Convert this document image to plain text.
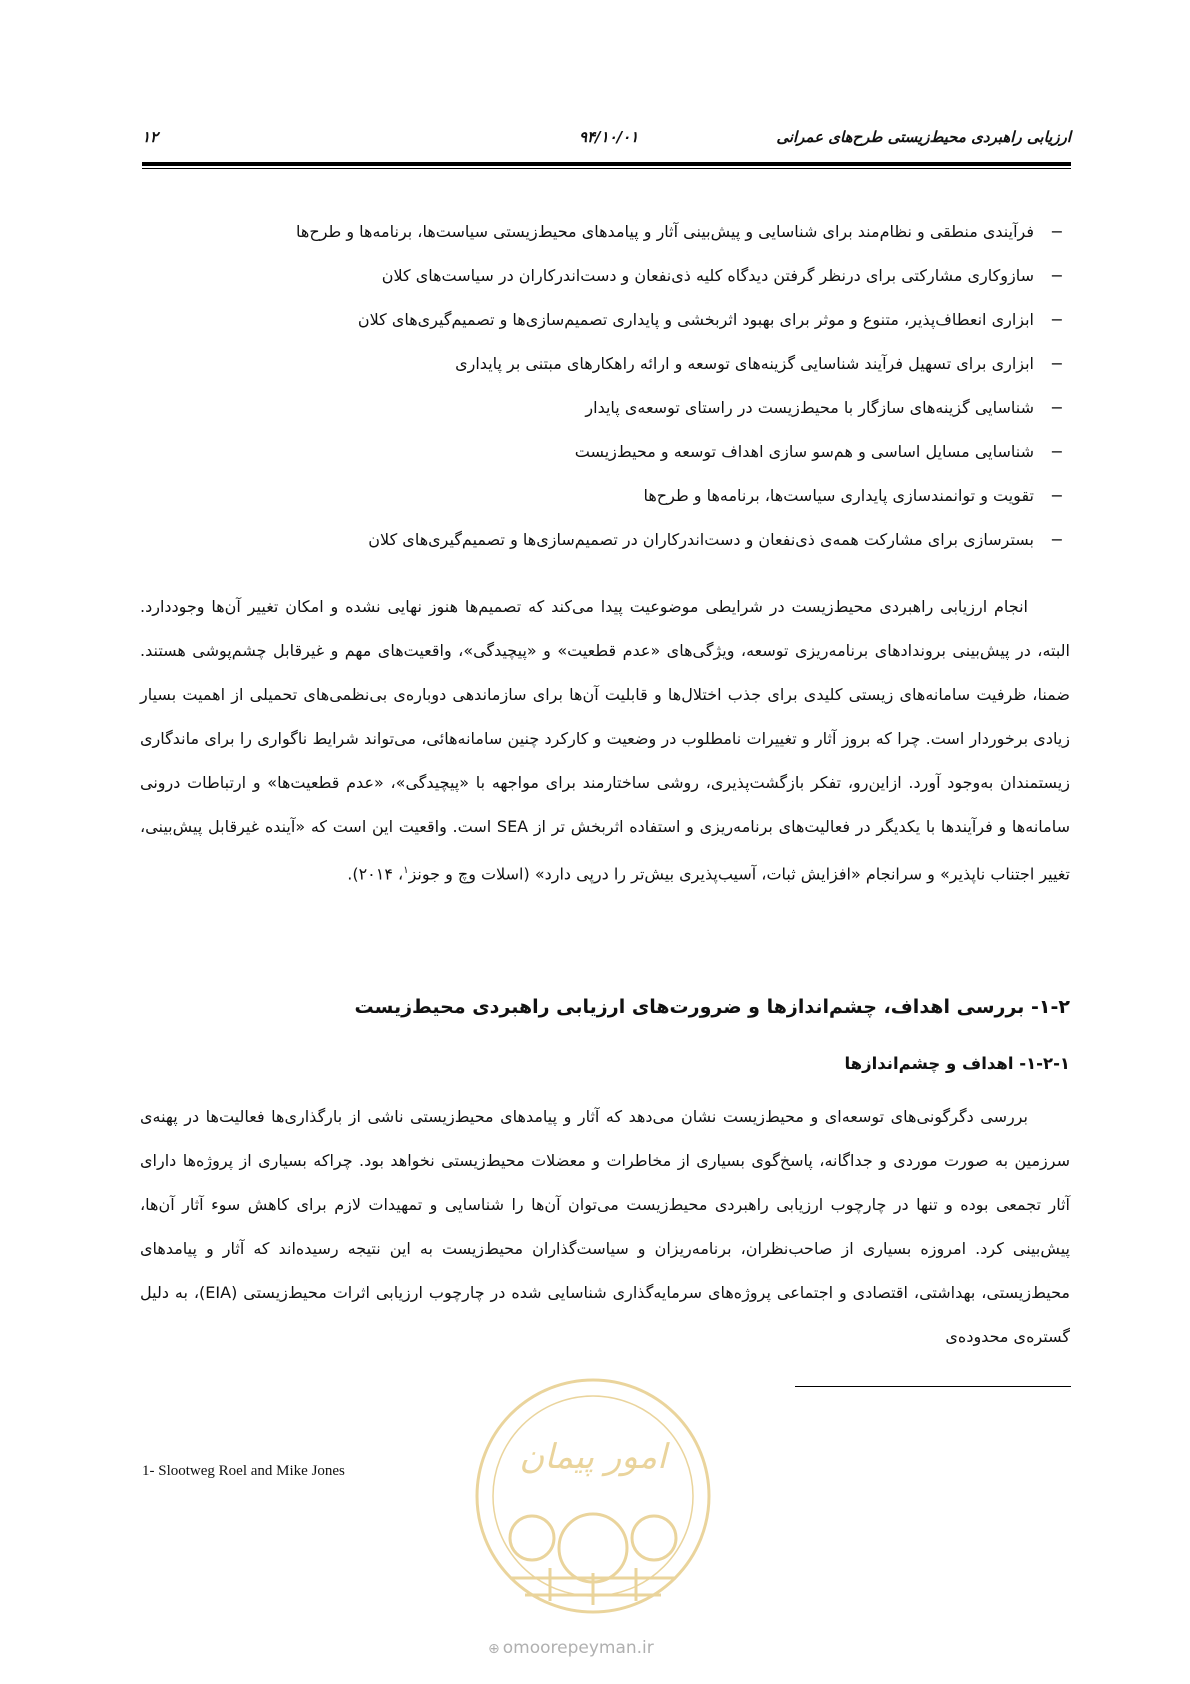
ارزیابی راهبردی محیط‌زیستی طرح‌های عمرانی
۹۴/۱۰/۰۱
۱۲
−فرآیندی منطقی و نظام‌مند برای شناسایی و پیش‌بینی آثار و پیامدهای محیط‌زیستی سیاست‌ها، برنامه‌ها و طرح‌ها
−سازوکاری مشارکتی برای درنظر گرفتن دیدگاه کلیه ذی‌نفعان و دست‌اندرکاران در سیاست‌های کلان
−ابزاری انعطاف‌پذیر، متنوع و موثر برای بهبود اثربخشی و پایداری تصمیم‌سازی‌ها و تصمیم‌گیری‌های کلان
−ابزاری برای تسهیل فرآیند شناسایی گزینه‌های توسعه و ارائه راهکارهای مبتنی بر پایداری
−شناسایی گزینه‌های سازگار با محیط‌زیست در راستای توسعه‌ی پایدار
−شناسایی مسایل اساسی و هم‌سو سازی اهداف توسعه و محیط‌زیست
−تقویت و توانمندسازی پایداری سیاست‌ها، برنامه‌ها و طرح‌ها
−بسترسازی برای مشارکت همه‌ی ذی‌نفعان و دست‌اندرکاران در تصمیم‌سازی‌ها و تصمیم‌گیری‌های کلان

انجام ارزیابی راهبردی محیط‌زیست در شرایطی موضوعیت پیدا می‌کند که تصمیم‌ها هنوز نهایی نشده و امکان تغییر آن‌ها وجوددارد. البته، در پیش‌بینی بروندادهای برنامه‌ریزی توسعه، ویژگی‌های «عدم قطعیت» و «پیچیدگی»، واقعیت‌های مهم و غیرقابل چشم‌پوشی هستند. ضمنا، ظرفیت سامانه‌های زیستی کلیدی برای جذب اختلال‌ها و قابلیت آن‌ها برای سازماندهی دوباره‌ی بی‌نظمی‌های تحمیلی از اهمیت بسیار زیادی برخوردار است. چرا که بروز آثار و تغییرات نامطلوب در وضعیت و کارکرد چنین سامانه‌هائی، می‌تواند شرایط ناگواری را برای ماندگاری زیستمندان به‌وجود آورد. ازاین‌رو، تفکر بازگشت‌پذیری، روشی ساختارمند برای مواجهه با «پیچیدگی»، «عدم قطعیت‌ها» و ارتباطات درونی سامانه‌ها و فرآیندها با یکدیگر در فعالیت‌های برنامه‌ریزی و استفاده اثربخش تر از SEA است. واقعیت این است که «آینده غیرقابل پیش‌بینی، تغییر اجتناب ناپذیر» و سرانجام «افزایش ثبات، آسیب‌پذیری بیش‌تر را درپی دارد» (اسلات وچ و جونز$^۱$، ۲۰۱۴).

۱-۲- بررسی اهداف، چشم‌اندازها و ضرورت‌های ارزیابی راهبردی محیط‌زیست
۱-۲-۱- اهداف و چشم‌اندازها

بررسی دگرگونی‌های توسعه‌ای و محیط‌زیست نشان می‌دهد که آثار و پیامدهای محیط‌زیستی ناشی از بارگذاری‌ها فعالیت‌ها در پهنه‌ی سرزمین به صورت موردی و جداگانه، پاسخ‌گوی بسیاری از مخاطرات و معضلات محیط‌زیستی نخواهد بود. چراکه بسیاری از پروژه‌ها دارای آثار تجمعی بوده و تنها در چارچوب ارزیابی راهبردی محیط‌زیست می‌توان آن‌ها را شناسایی و تمهیدات لازم برای کاهش سوء آثار آن‌ها، پیش‌بینی کرد. امروزه بسیاری از صاحب‌نظران، برنامه‌ریزان و سیاست‌گذاران محیط‌زیست به این نتیجه رسیده‌اند که آثار و پیامدهای محیط‌زیستی، بهداشتی، اقتصادی و اجتماعی پروژه‌های سرمایه‌گذاری شناسایی شده در چارچوب ارزیابی اثرات محیط‌زیستی (EIA)، به دلیل گستره‌ی محدوده‌ی

1- Slootweg Roel and Mike Jones	امور پیمان
⊕ omoorepeyman.ir
